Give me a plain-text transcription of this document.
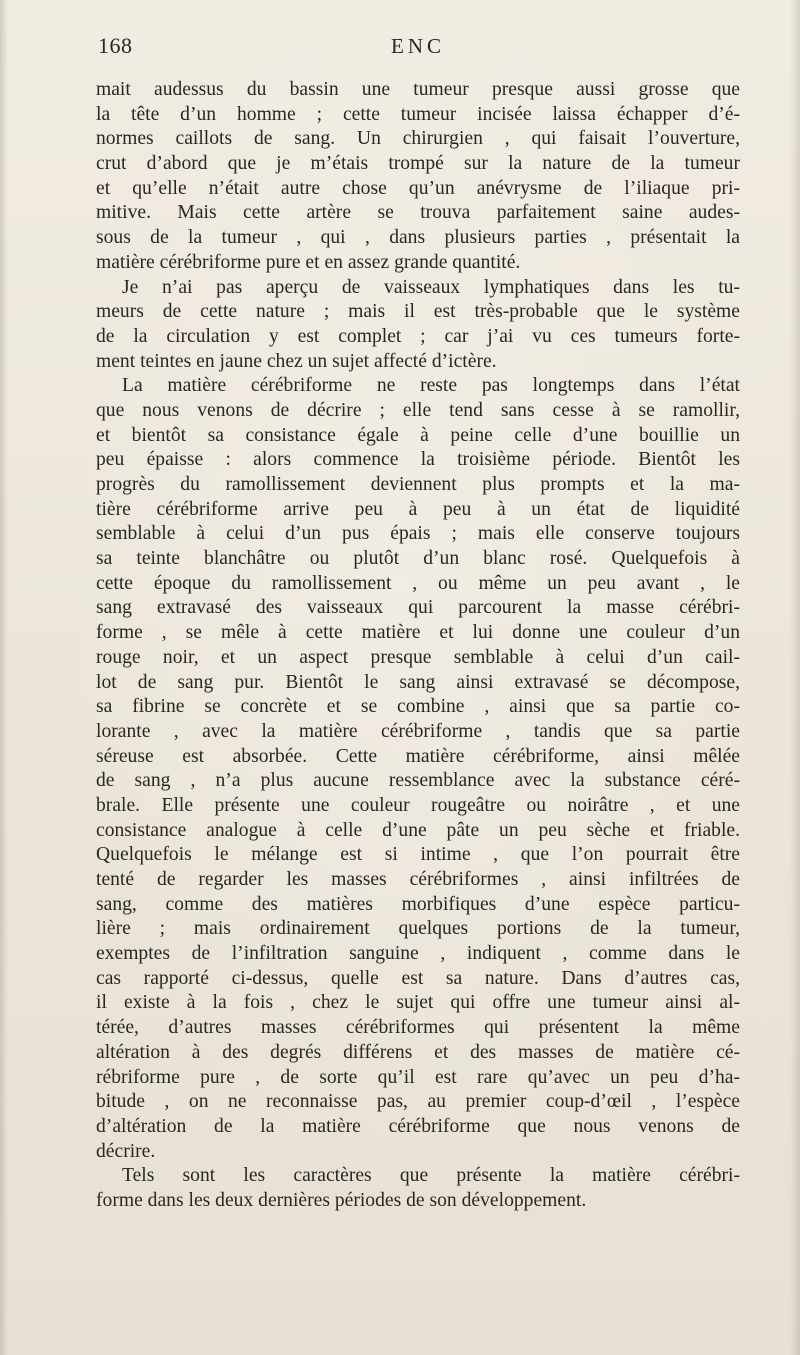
168	ENC
mait audessus du bassin une tumeur presque aussi grosse que
la tête d’un homme ; cette tumeur incisée laissa échapper d’é-
normes caillots de sang. Un chirurgien , qui faisait l’ouverture,
crut d’abord que je m’étais trompé sur la nature de la tumeur
et qu’elle n’était autre chose qu’un anévrysme de l’iliaque pri-
mitive. Mais cette artère se trouva parfaitement saine audes-
sous de la tumeur , qui , dans plusieurs parties , présentait la
matière cérébriforme pure et en assez grande quantité.
Je n’ai pas aperçu de vaisseaux lymphatiques dans les tu-
meurs de cette nature ; mais il est très-probable que le système
de la circulation y est complet ; car j’ai vu ces tumeurs forte-
ment teintes en jaune chez un sujet affecté d’ictère.
La matière cérébriforme ne reste pas longtemps dans l’état
que nous venons de décrire ; elle tend sans cesse à se ramollir,
et bientôt sa consistance égale à peine celle d’une bouillie un
peu épaisse : alors commence la troisième période. Bientôt les
progrès du ramollissement deviennent plus prompts et la ma-
tière cérébriforme arrive peu à peu à un état de liquidité
semblable à celui d’un pus épais ; mais elle conserve toujours
sa teinte blanchâtre ou plutôt d’un blanc rosé. Quelquefois à
cette époque du ramollissement , ou même un peu avant , le
sang extravasé des vaisseaux qui parcourent la masse cérébri-
forme , se mêle à cette matière et lui donne une couleur d’un
rouge noir, et un aspect presque semblable à celui d’un cail-
lot de sang pur. Bientôt le sang ainsi extravasé se décompose,
sa fibrine se concrète et se combine , ainsi que sa partie co-
lorante , avec la matière cérébriforme , tandis que sa partie
séreuse est absorbée. Cette matière cérébriforme, ainsi mêlée
de sang , n’a plus aucune ressemblance avec la substance céré-
brale. Elle présente une couleur rougeâtre ou noirâtre , et une
consistance analogue à celle d’une pâte un peu sèche et friable.
Quelquefois le mélange est si intime , que l’on pourrait être
tenté de regarder les masses cérébriformes , ainsi infiltrées de
sang, comme des matières morbifiques d’une espèce particu-
lière ; mais ordinairement quelques portions de la tumeur,
exemptes de l’infiltration sanguine , indiquent , comme dans le
cas rapporté ci-dessus, quelle est sa nature. Dans d’autres cas,
il existe à la fois , chez le sujet qui offre une tumeur ainsi al-
térée, d’autres masses cérébriformes qui présentent la même
altération à des degrés différens et des masses de matière cé-
rébriforme pure , de sorte qu’il est rare qu’avec un peu d’ha-
bitude , on ne reconnaisse pas, au premier coup-d’œil , l’espèce
d’altération de la matière cérébriforme que nous venons de
décrire.
Tels sont les caractères que présente la matière cérébri-
forme dans les deux dernières périodes de son développement.
